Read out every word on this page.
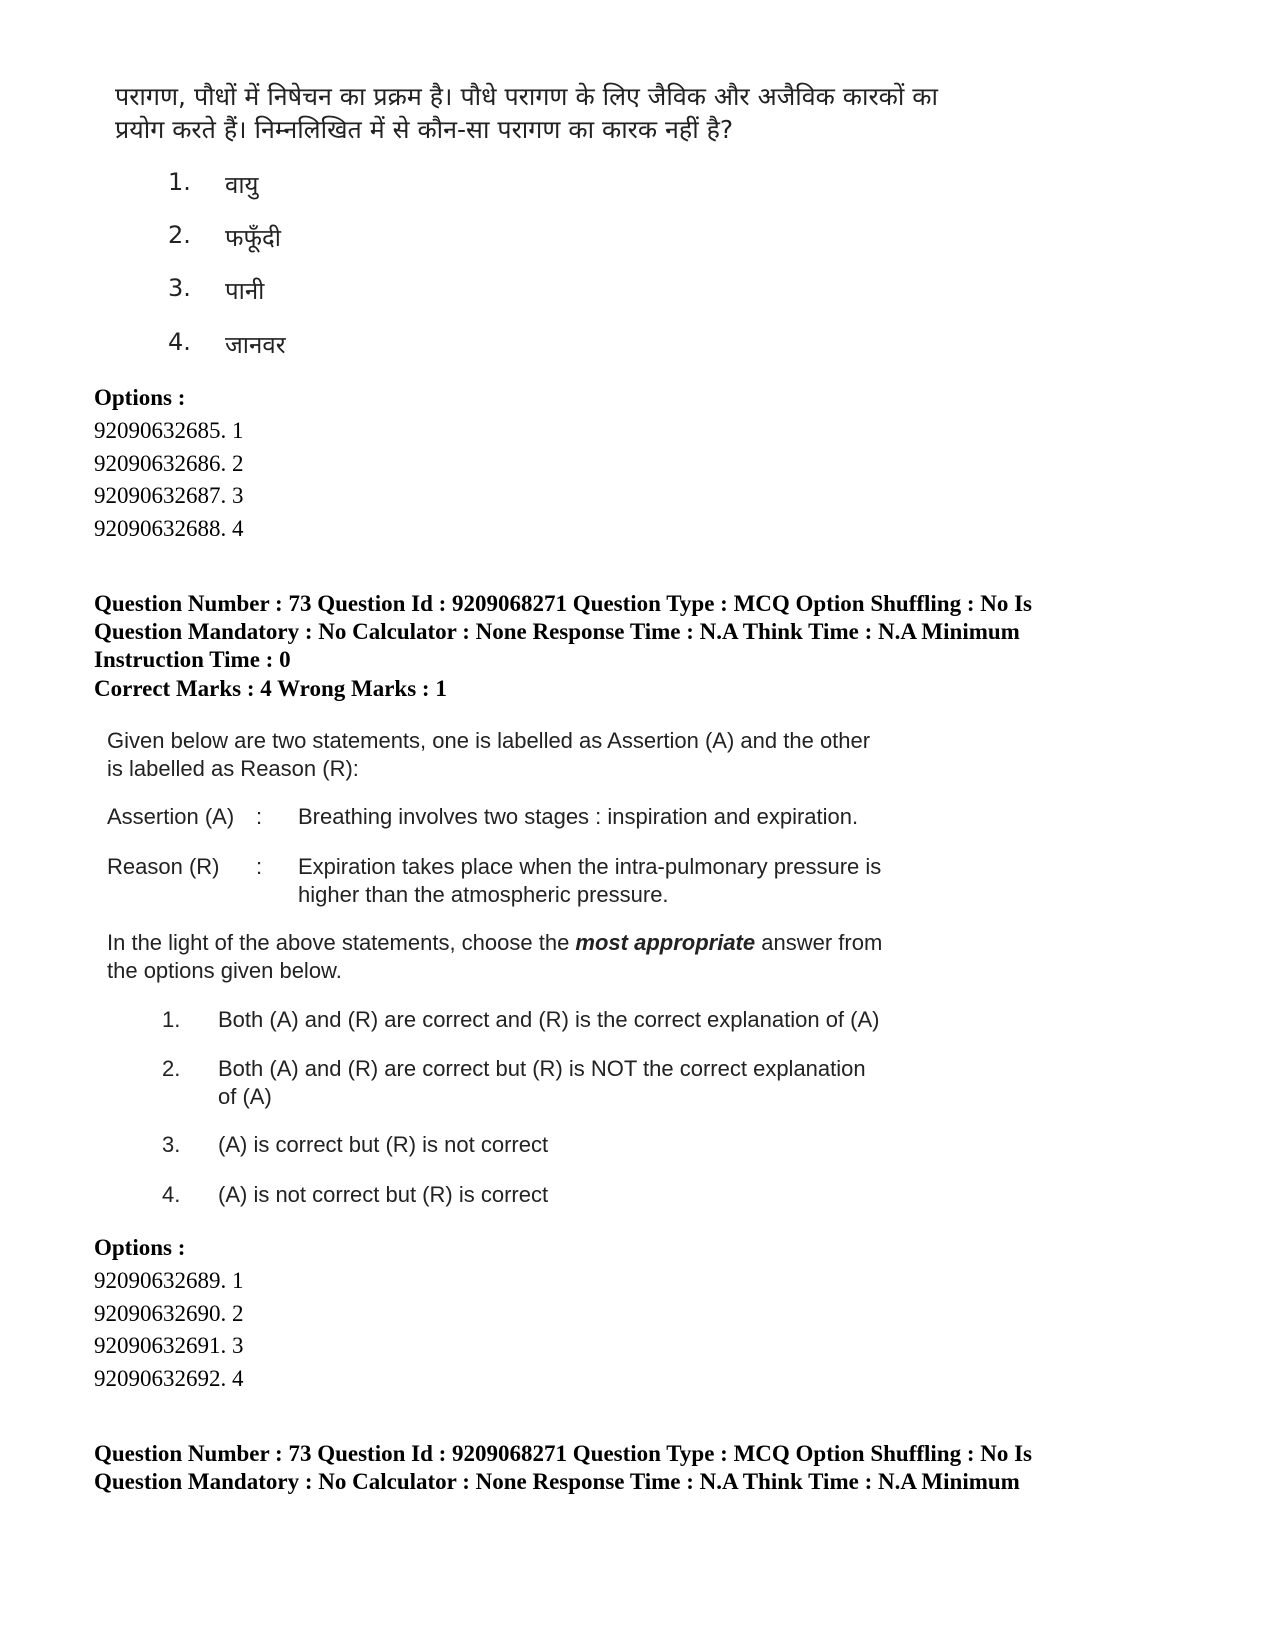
परागण, पौधों में निषेचन का प्रक्रम है। पौधे परागण के लिए जैविक और अजैविक कारकों का
प्रयोग करते हैं। निम्नलिखित में से कौन-सा परागण का कारक नहीं है?
1. वायु
2. फफूँदी
3. पानी
4. जानवर
Options :
92090632685. 1
92090632686. 2
92090632687. 3
92090632688. 4
Question Number : 73 Question Id : 9209068271 Question Type : MCQ Option Shuffling : No Is
Question Mandatory : No Calculator : None Response Time : N.A Think Time : N.A Minimum
Instruction Time : 0
Correct Marks : 4 Wrong Marks : 1
Given below are two statements, one is labelled as Assertion (A) and the other
is labelled as Reason (R):
Assertion (A) : Breathing involves two stages : inspiration and expiration.
Reason (R) : Expiration takes place when the intra-pulmonary pressure is
higher than the atmospheric pressure.
In the light of the above statements, choose the most appropriate answer from
the options given below.
1. Both (A) and (R) are correct and (R) is the correct explanation of (A)
2. Both (A) and (R) are correct but (R) is NOT the correct explanation
of (A)
3. (A) is correct but (R) is not correct
4. (A) is not correct but (R) is correct
Options :
92090632689. 1
92090632690. 2
92090632691. 3
92090632692. 4
Question Number : 73 Question Id : 9209068271 Question Type : MCQ Option Shuffling : No Is
Question Mandatory : No Calculator : None Response Time : N.A Think Time : N.A Minimum
